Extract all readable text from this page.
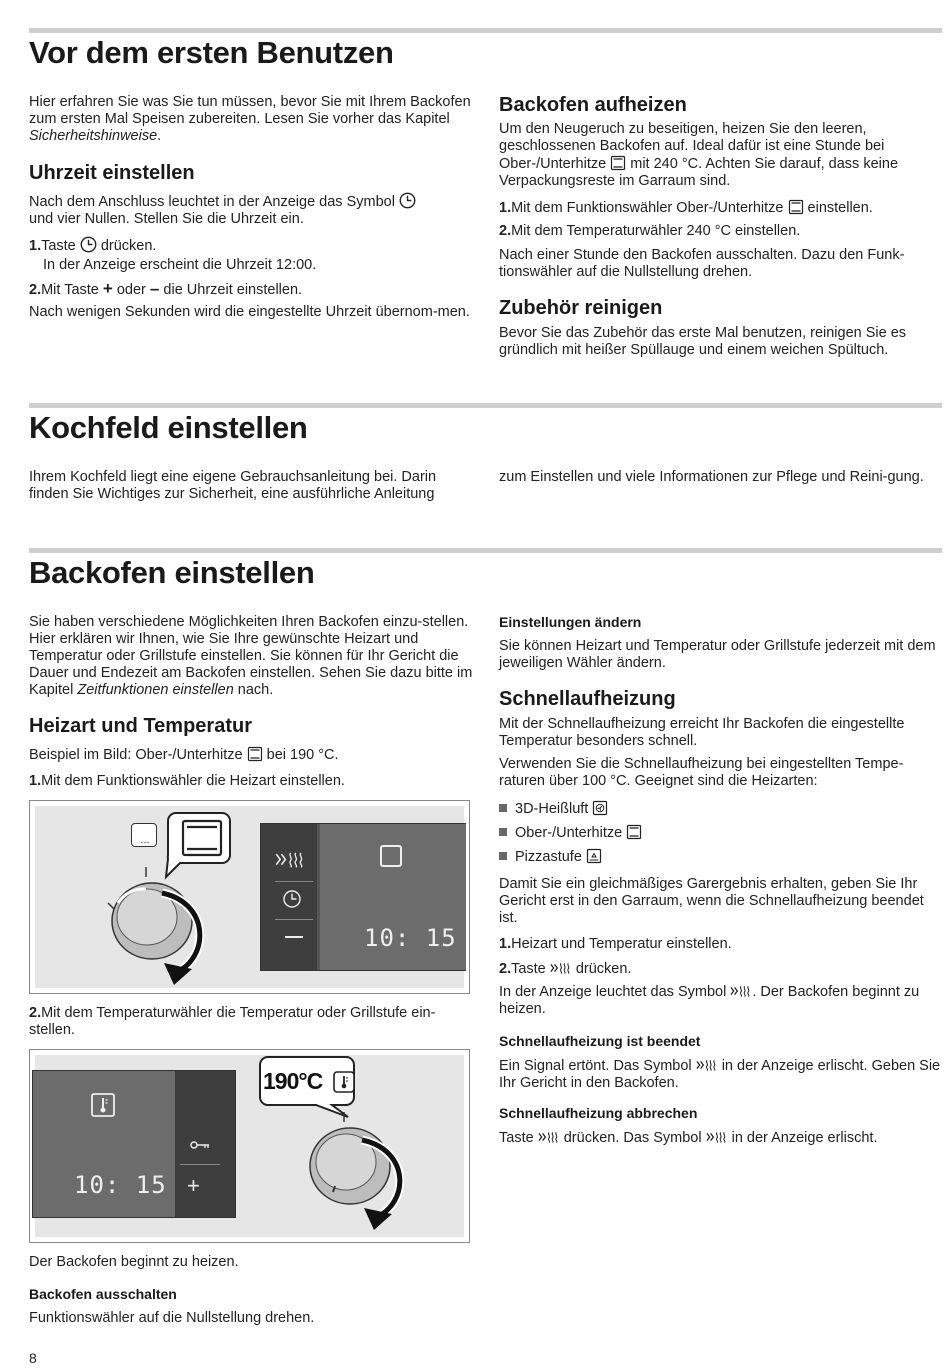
Vor dem ersten Benutzen
Hier erfahren Sie was Sie tun müssen, bevor Sie mit Ihrem Backofen zum ersten Mal Speisen zubereiten. Lesen Sie vorher das Kapitel Sicherheitshinweise.
Uhrzeit einstellen
Nach dem Anschluss leuchtet in der Anzeige das Symbol
und vier Nullen. Stellen Sie die Uhrzeit ein.
1.Taste drücken.
In der Anzeige erscheint die Uhrzeit 12:00.
2.Mit Taste + oder – die Uhrzeit einstellen.
Nach wenigen Sekunden wird die eingestellte Uhrzeit übernom-men.
Backofen aufheizen
Um den Neugeruch zu beseitigen, heizen Sie den leeren, geschlossenen Backofen auf. Ideal dafür ist eine Stunde bei Ober-/Unterhitze mit 240 °C. Achten Sie darauf, dass keine Verpackungsreste im Garraum sind.
1.Mit dem Funktionswähler Ober-/Unterhitze einstellen.
2.Mit dem Temperaturwähler 240 °C einstellen.
Nach einer Stunde den Backofen ausschalten. Dazu den Funk-tionswähler auf die Nullstellung drehen.
Zubehör reinigen
Bevor Sie das Zubehör das erste Mal benutzen, reinigen Sie es gründlich mit heißer Spüllauge und einem weichen Spültuch.
Kochfeld einstellen
Ihrem Kochfeld liegt eine eigene Gebrauchsanleitung bei. Darin finden Sie Wichtiges zur Sicherheit, eine ausführliche Anleitung
zum Einstellen und viele Informationen zur Pflege und Reini-gung.
Backofen einstellen
Sie haben verschiedene Möglichkeiten Ihren Backofen einzu-stellen. Hier erklären wir Ihnen, wie Sie Ihre gewünschte Heizart und Temperatur oder Grillstufe einstellen. Sie können für Ihr Gericht die Dauer und Endezeit am Backofen einstellen. Sehen Sie dazu bitte im Kapitel Zeitfunktionen einstellen nach.
Heizart und Temperatur
Beispiel im Bild: Ober-/Unterhitze bei 190 °C.
1.Mit dem Funktionswähler die Heizart einstellen.
…
10: 15
2.Mit dem Temperaturwähler die Temperatur oder Grillstufe ein-stellen.
10: 15 +
190°C
Der Backofen beginnt zu heizen.
Backofen ausschalten
Funktionswähler auf die Nullstellung drehen.
Einstellungen ändern
Sie können Heizart und Temperatur oder Grillstufe jederzeit mit dem jeweiligen Wähler ändern.
Schnellaufheizung
Mit der Schnellaufheizung erreicht Ihr Backofen die eingestellte Temperatur besonders schnell.
Verwenden Sie die Schnellaufheizung bei eingestellten Tempe-raturen über 100 °C. Geeignet sind die Heizarten:
3D-Heißluft
Ober-/Unterhitze
Pizzastufe
Damit Sie ein gleichmäßiges Garergebnis erhalten, geben Sie Ihr Gericht erst in den Garraum, wenn die Schnellaufheizung beendet ist.
1.Heizart und Temperatur einstellen.
2.Taste drücken.
In der Anzeige leuchtet das Symbol . Der Backofen beginnt zu heizen.
Schnellaufheizung ist beendet
Ein Signal ertönt. Das Symbol in der Anzeige erlischt. Geben Sie Ihr Gericht in den Backofen.
Schnellaufheizung abbrechen
Taste drücken. Das Symbol in der Anzeige erlischt.
8
